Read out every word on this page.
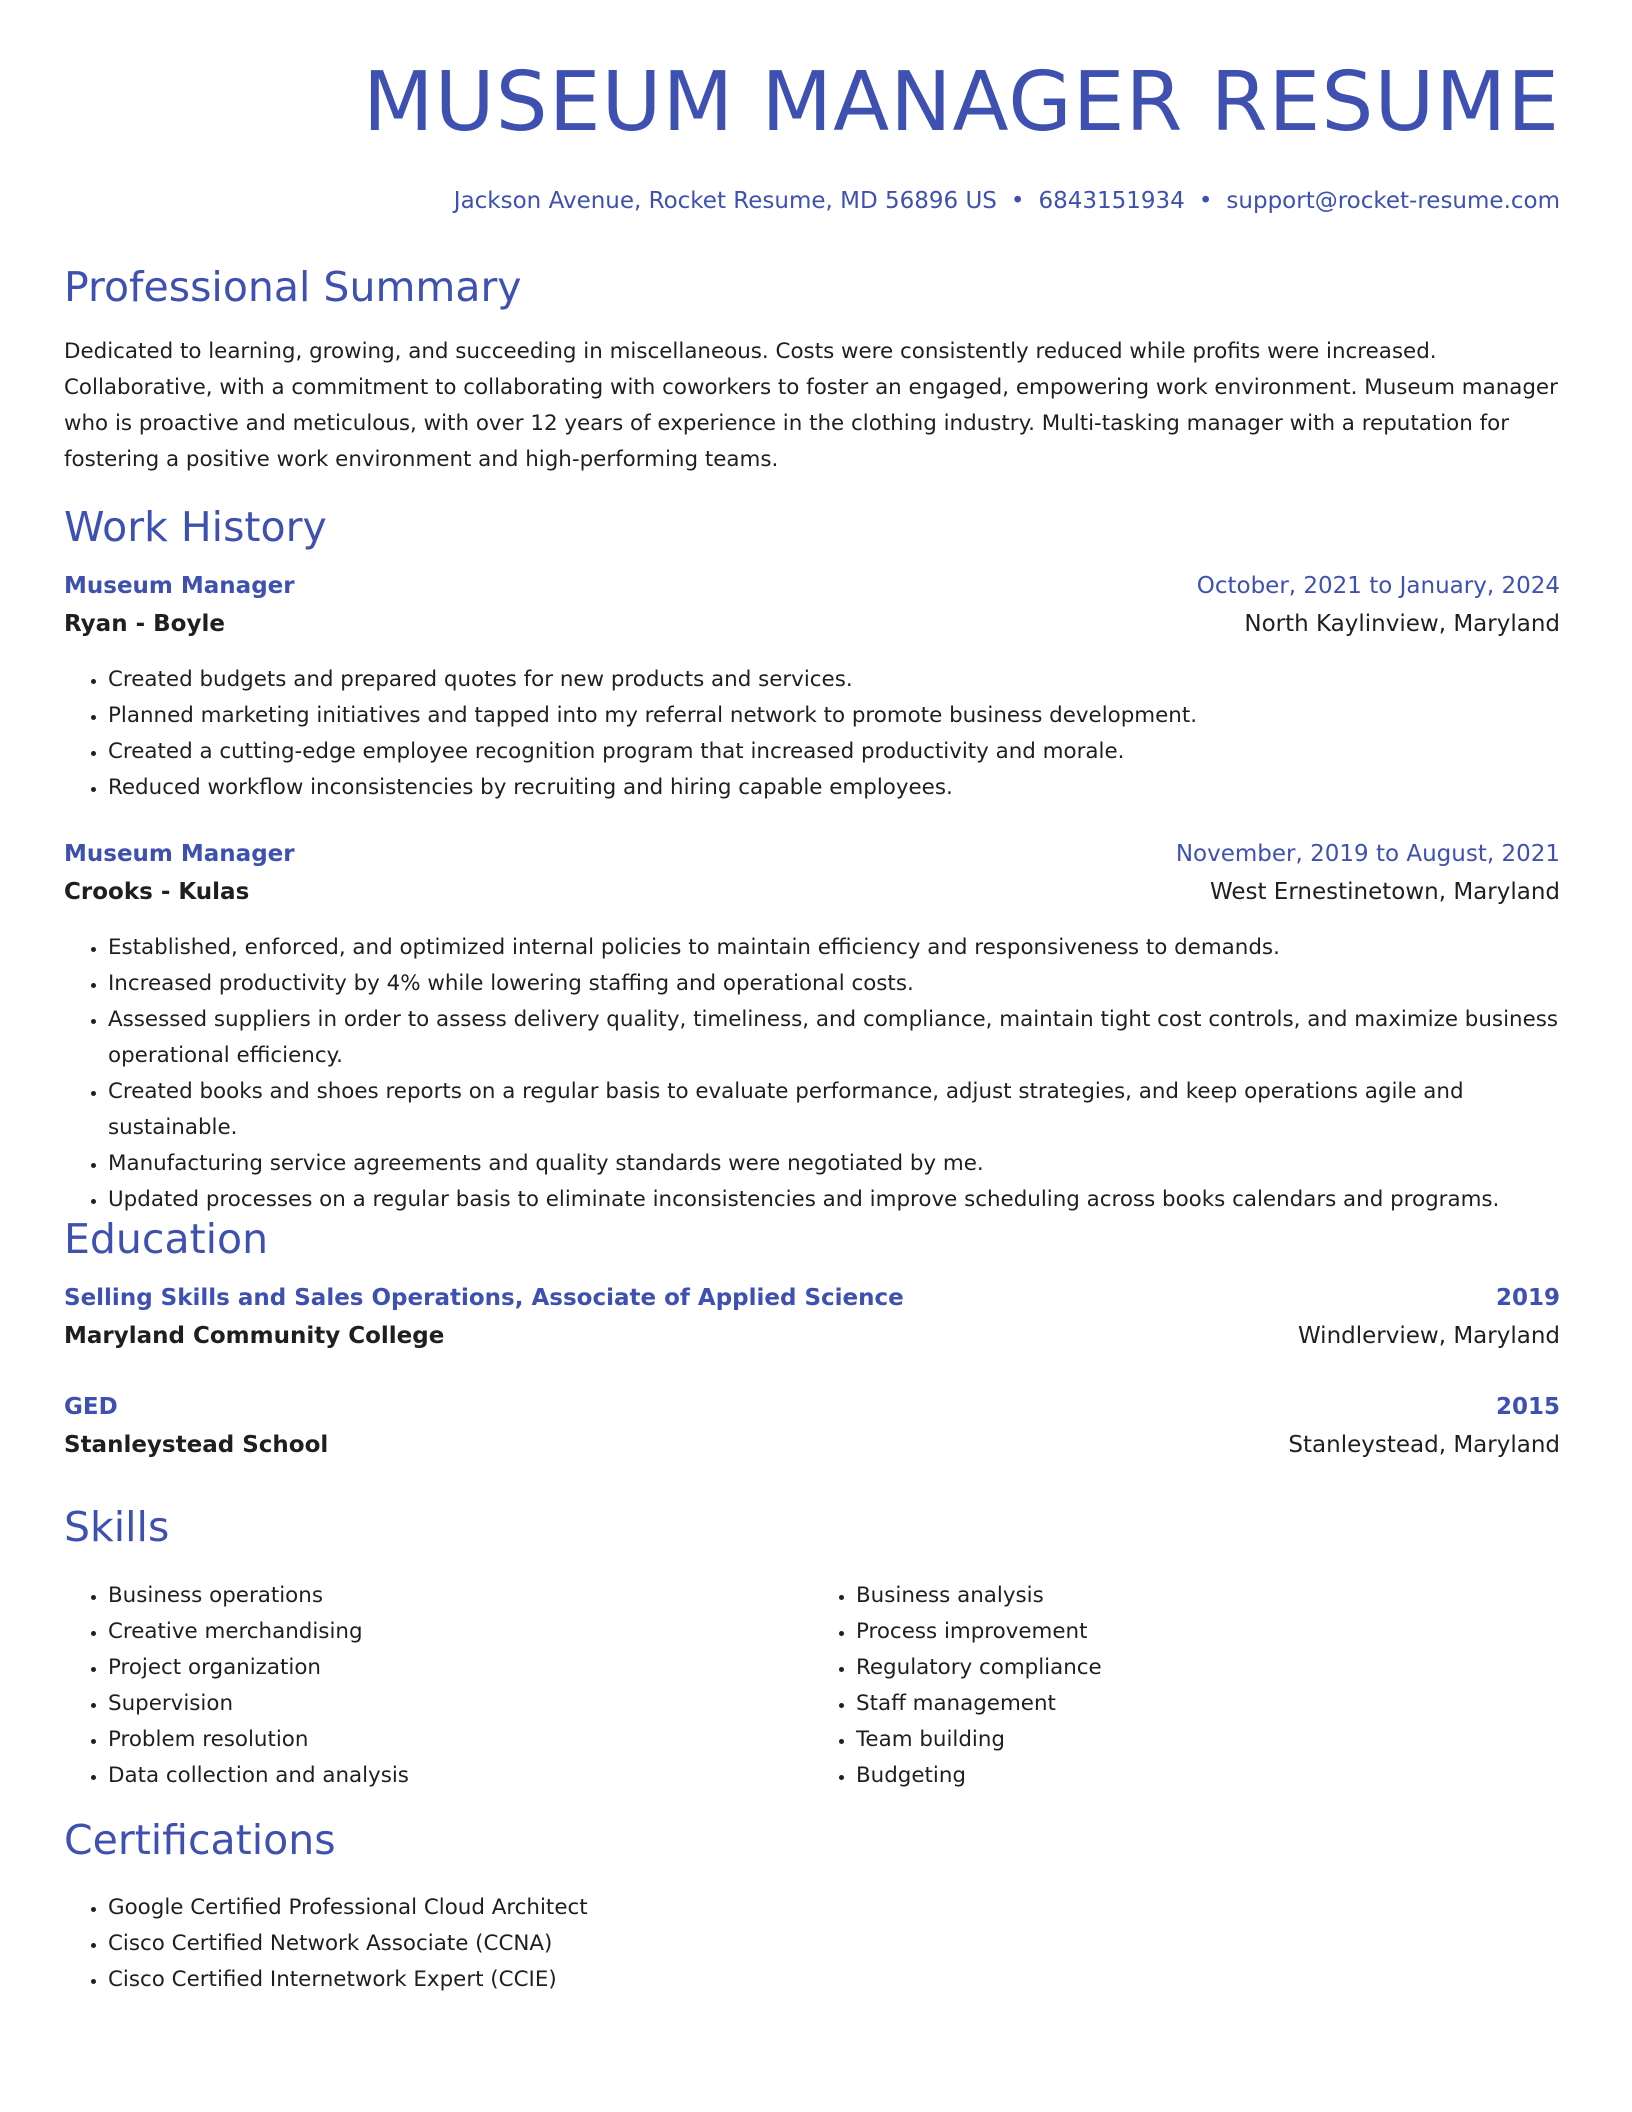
MUSEUM MANAGER RESUME
Jackson Avenue, Rocket Resume, MD 56896 US • 6843151934 • support@rocket-resume.com
Professional Summary

Dedicated to learning, growing, and succeeding in miscellaneous. Costs were consistently reduced while profits were increased. Collaborative, with a commitment to collaborating with coworkers to foster an engaged, empowering work environment. Museum manager who is proactive and meticulous, with over 12 years of experience in the clothing industry. Multi-tasking manager with a reputation for fostering a positive work environment and high-performing teams.

Work History
Museum Manager	October, 2021 to January, 2024
Ryan - Boyle	North Kaylinview, Maryland
• Created budgets and prepared quotes for new products and services.
• Planned marketing initiatives and tapped into my referral network to promote business development.
• Created a cutting-edge employee recognition program that increased productivity and morale.
• Reduced workflow inconsistencies by recruiting and hiring capable employees.
Museum Manager	November, 2019 to August, 2021
Crooks - Kulas	West Ernestinetown, Maryland
• Established, enforced, and optimized internal policies to maintain efficiency and responsiveness to demands.
• Increased productivity by 4% while lowering staffing and operational costs.
• Assessed suppliers in order to assess delivery quality, timeliness, and compliance, maintain tight cost controls, and maximize business operational efficiency.
• Created books and shoes reports on a regular basis to evaluate performance, adjust strategies, and keep operations agile and sustainable.
• Manufacturing service agreements and quality standards were negotiated by me.
• Updated processes on a regular basis to eliminate inconsistencies and improve scheduling across books calendars and programs.
Education
Selling Skills and Sales Operations, Associate of Applied Science	2019
Maryland Community College	Windlerview, Maryland
GED	2015
Stanleystead School	Stanleystead, Maryland
Skills
• Business operations
• Creative merchandising
• Project organization
• Supervision
• Problem resolution
• Data collection and analysis
• Business analysis
• Process improvement
• Regulatory compliance
• Staff management
• Team building
• Budgeting
Certifications
• Google Certified Professional Cloud Architect
• Cisco Certified Network Associate (CCNA)
• Cisco Certified Internetwork Expert (CCIE)
